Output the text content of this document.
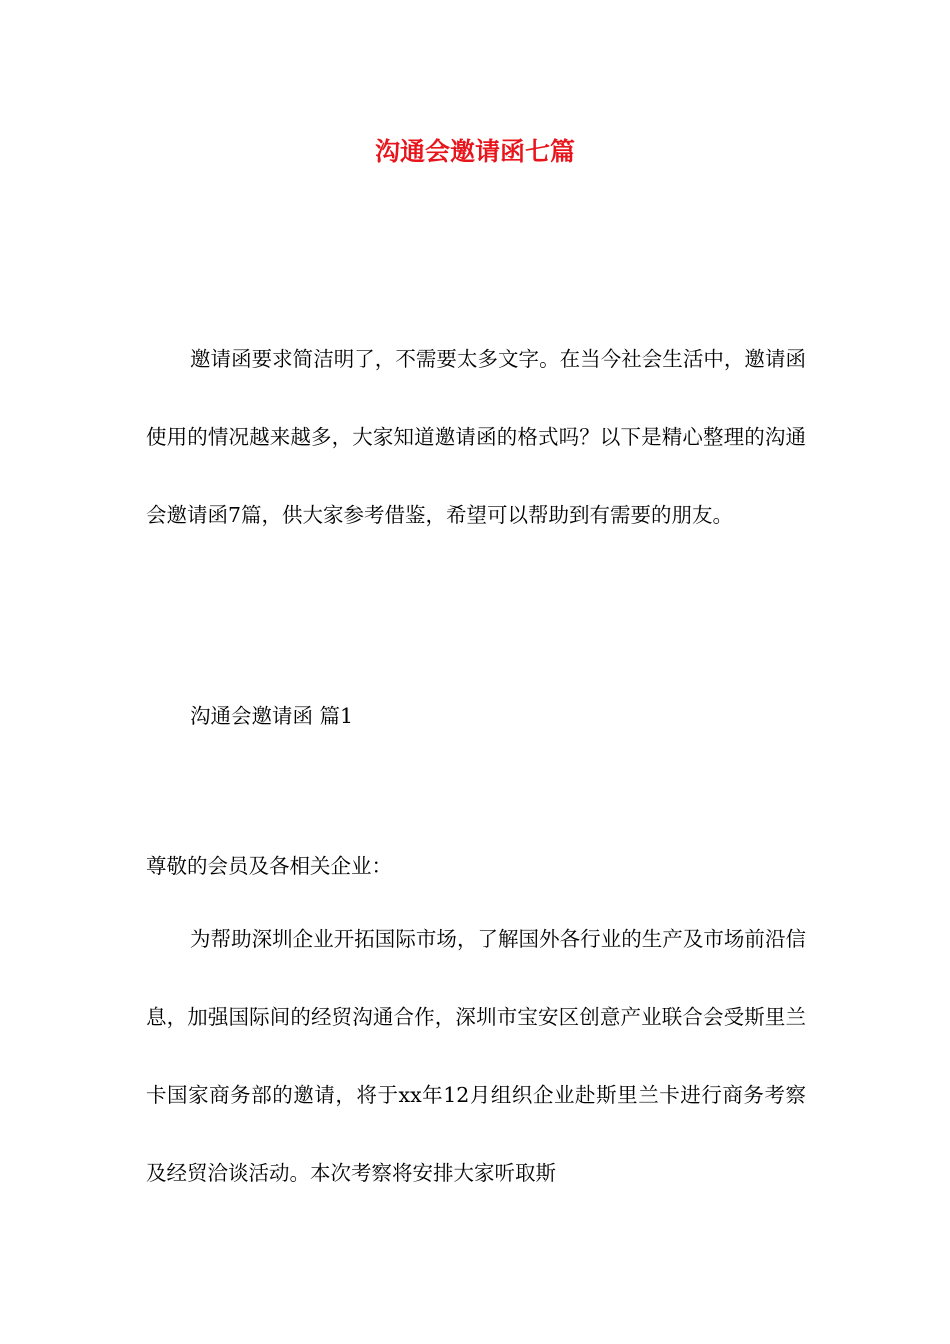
沟通会邀请函七篇

邀请函要求简洁明了，不需要太多文字。在当今社会生活中，邀请函使用的情况越来越多，大家知道邀请函的格式吗？以下是精心整理的沟通会邀请函7篇，供大家参考借鉴，希望可以帮助到有需要的朋友。

沟通会邀请函 篇1

尊敬的会员及各相关企业：

为帮助深圳企业开拓国际市场，了解国外各行业的生产及市场前沿信息，加强国际间的经贸沟通合作，深圳市宝安区创意产业联合会受斯里兰卡国家商务部的邀请，将于xx年12月组织企业赴斯里兰卡进行商务考察及经贸洽谈活动。本次考察将安排大家听取斯
